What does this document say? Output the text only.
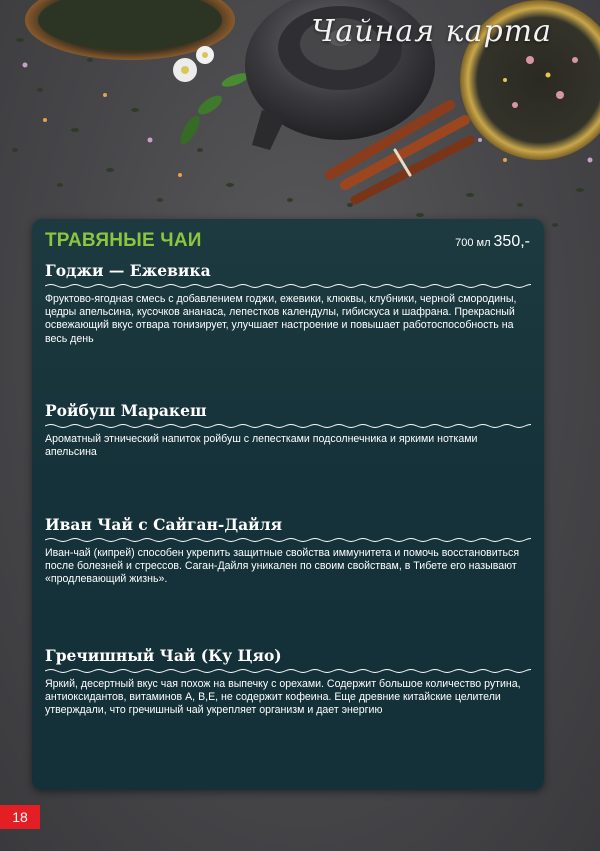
Чайная карта
ТРАВЯНЫЕ ЧАИ	700 мл 350,-
Годжи — Ежевика
Фруктово-ягодная смесь с добавлением годжи, ежевики, клюквы, клубники, черной смородины, цедры апельсина, кусочков ананаса, лепестков календулы, гибискуса и шафрана. Прекрасный освежающий вкус отвара тонизирует, улучшает настроение и повышает работоспособность на весь день
Ройбуш Маракеш
Ароматный этнический напиток ройбуш с лепестками подсолнечника и яркими нотками апельсина
Иван Чай с Сайган-Дайля
Иван-чай (кипрей) способен укрепить защитные свойства иммунитета и помочь восстановиться после болезней и стрессов. Саган-Дайля уникален по своим свойствам, в Тибете его называют «продлевающий жизнь».
Гречишный Чай (Ку Цяо)
Яркий, десертный вкус чая похож на выпечку с орехами. Содержит большое количество рутина, антиоксидантов, витаминов А, В,Е, не содержит кофеина. Еще древние китайские целители утверждали, что гречишный чай укрепляет организм и дает энергию
18
